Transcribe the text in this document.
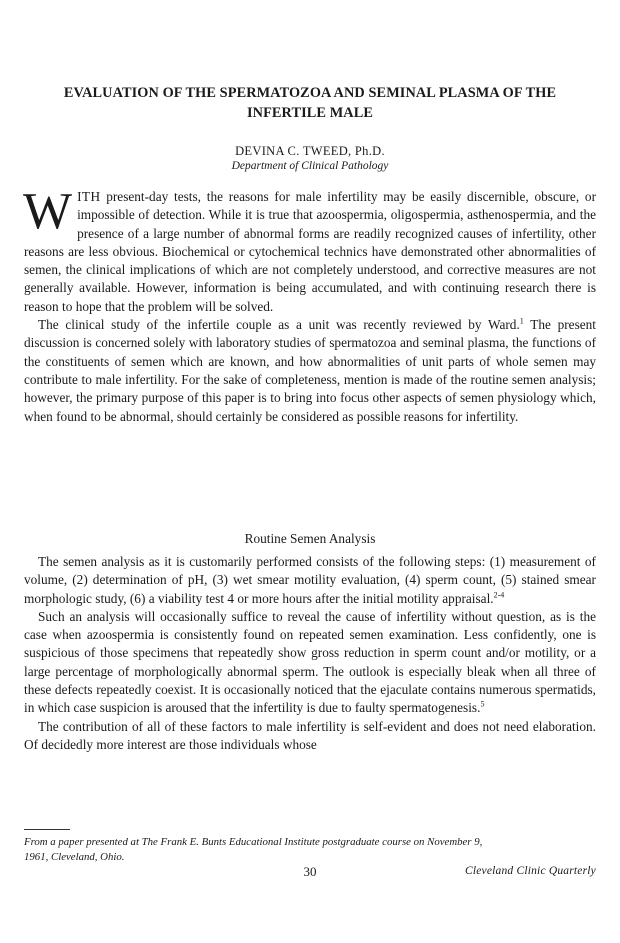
EVALUATION OF THE SPERMATOZOA AND SEMINAL PLASMA OF THE INFERTILE MALE
DEVINA C. TWEED, Ph.D.
Department of Clinical Pathology

WITH present-day tests, the reasons for male infertility may be easily discernible, obscure, or impossible of detection. While it is true that azoospermia, oligospermia, asthenospermia, and the presence of a large number of abnormal forms are readily recognized causes of infertility, other reasons are less obvious. Biochemical or cytochemical technics have demonstrated other abnormalities of semen, the clinical implications of which are not completely understood, and corrective measures are not generally available. However, information is being accumulated, and with continuing research there is reason to hope that the problem will be solved.

The clinical study of the infertile couple as a unit was recently reviewed by Ward.$^1$ The present discussion is concerned solely with laboratory studies of spermatozoa and seminal plasma, the functions of the constituents of semen which are known, and how abnormalities of unit parts of whole semen may contribute to male infertility. For the sake of completeness, mention is made of the routine semen analysis; however, the primary purpose of this paper is to bring into focus other aspects of semen physiology which, when found to be abnormal, should certainly be considered as possible reasons for infertility.

Routine Semen Analysis

The semen analysis as it is customarily performed consists of the following steps: (1) measurement of volume, (2) determination of pH, (3) wet smear motility evaluation, (4) sperm count, (5) stained smear morphologic study, (6) a viability test 4 or more hours after the initial motility appraisal.$^{2-4}$

Such an analysis will occasionally suffice to reveal the cause of infertility without question, as is the case when azoospermia is consistently found on repeated semen examination. Less confidently, one is suspicious of those specimens that repeatedly show gross reduction in sperm count and/or motility, or a large percentage of morphologically abnormal sperm. The outlook is especially bleak when all three of these defects repeatedly coexist. It is occasionally noticed that the ejaculate contains numerous spermatids, in which case suspicion is aroused that the infertility is due to faulty spermatogenesis.$^5$

The contribution of all of these factors to male infertility is self-evident and does not need elaboration. Of decidedly more interest are those individuals whose

From a paper presented at The Frank E. Bunts Educational Institute postgraduate course on November 9,
1961, Cleveland, Ohio.
30	Cleveland Clinic Quarterly
